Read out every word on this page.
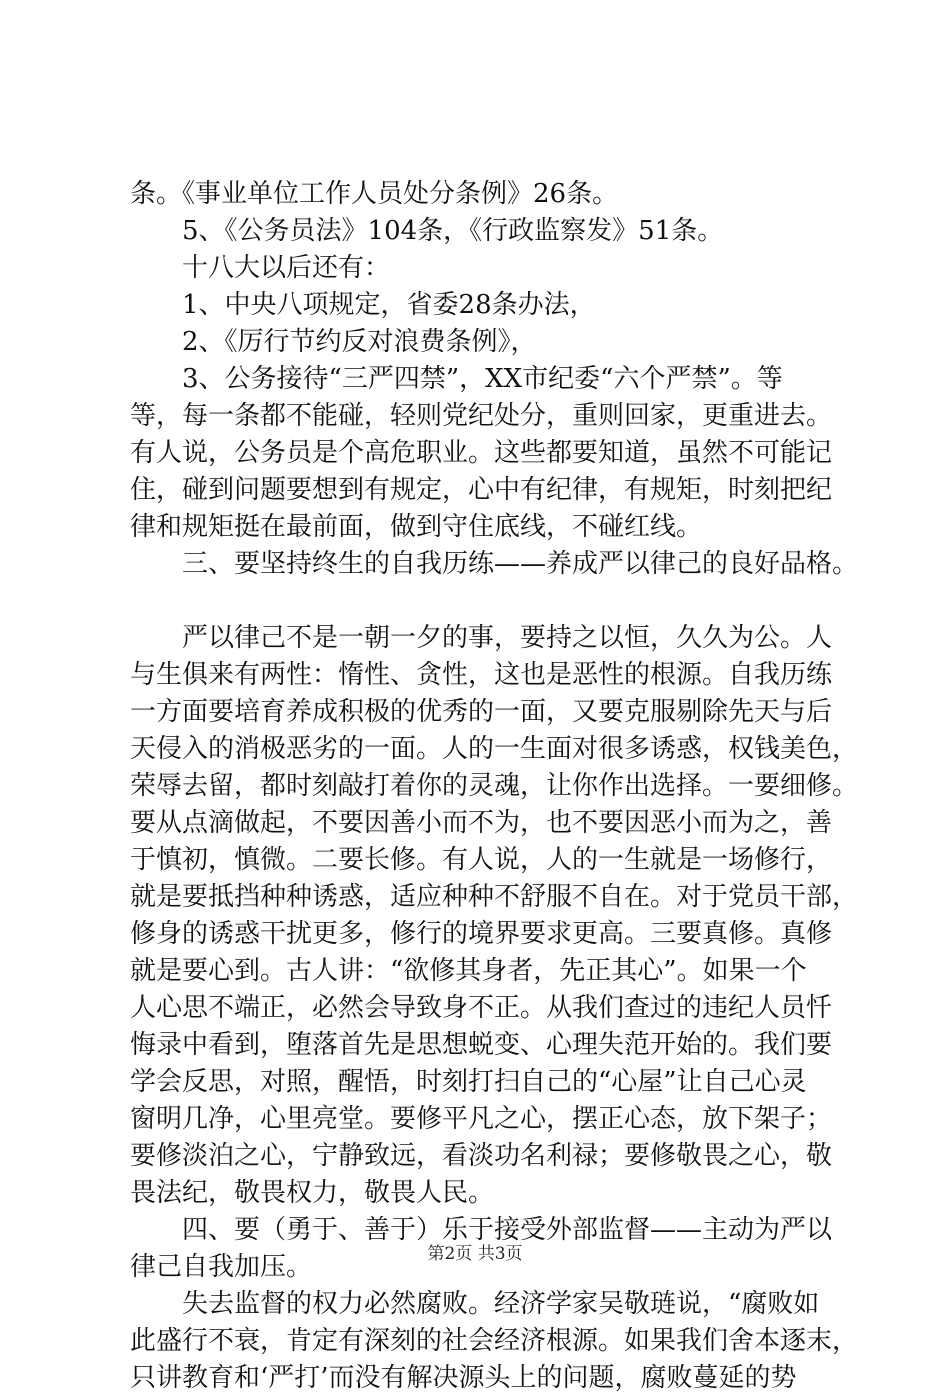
条。《事业单位工作人员处分条例》26条。
5、《公务员法》104条，《行政监察发》51条。
十八大以后还有：
1、中央八项规定，省委28条办法，
2、《厉行节约反对浪费条例》，
3、公务接待“三严四禁”，XX市纪委“六个严禁”。等
等，每一条都不能碰，轻则党纪处分，重则回家，更重进去。
有人说，公务员是个高危职业。这些都要知道，虽然不可能记
住，碰到问题要想到有规定，心中有纪律，有规矩，时刻把纪
律和规矩挺在最前面，做到守住底线，不碰红线。
三、要坚持终生的自我历练——养成严以律己的良好品格。
严以律己不是一朝一夕的事，要持之以恒，久久为公。人
与生俱来有两性：惰性、贪性，这也是恶性的根源。自我历练
一方面要培育养成积极的优秀的一面，又要克服剔除先天与后
天侵入的消极恶劣的一面。人的一生面对很多诱惑，权钱美色，
荣辱去留，都时刻敲打着你的灵魂，让你作出选择。一要细修。
要从点滴做起，不要因善小而不为，也不要因恶小而为之，善
于慎初，慎微。二要长修。有人说，人的一生就是一场修行，
就是要抵挡种种诱惑，适应种种不舒服不自在。对于党员干部，
修身的诱惑干扰更多，修行的境界要求更高。三要真修。真修
就是要心到。古人讲：“欲修其身者，先正其心”。如果一个
人心思不端正，必然会导致身不正。从我们查过的违纪人员忏
悔录中看到，堕落首先是思想蜕变、心理失范开始的。我们要
学会反思，对照，醒悟，时刻打扫自己的“心屋”让自己心灵
窗明几净，心里亮堂。要修平凡之心，摆正心态，放下架子；
要修淡泊之心，宁静致远，看淡功名利禄；要修敬畏之心，敬
畏法纪，敬畏权力，敬畏人民。
四、要（勇于、善于）乐于接受外部监督——主动为严以
律己自我加压。
失去监督的权力必然腐败。经济学家吴敬琏说，“腐败如
此盛行不衰，肯定有深刻的社会经济根源。如果我们舍本逐末，
只讲教育和‘严打’而没有解决源头上的问题，腐败蔓延的势
第2页 共3页
